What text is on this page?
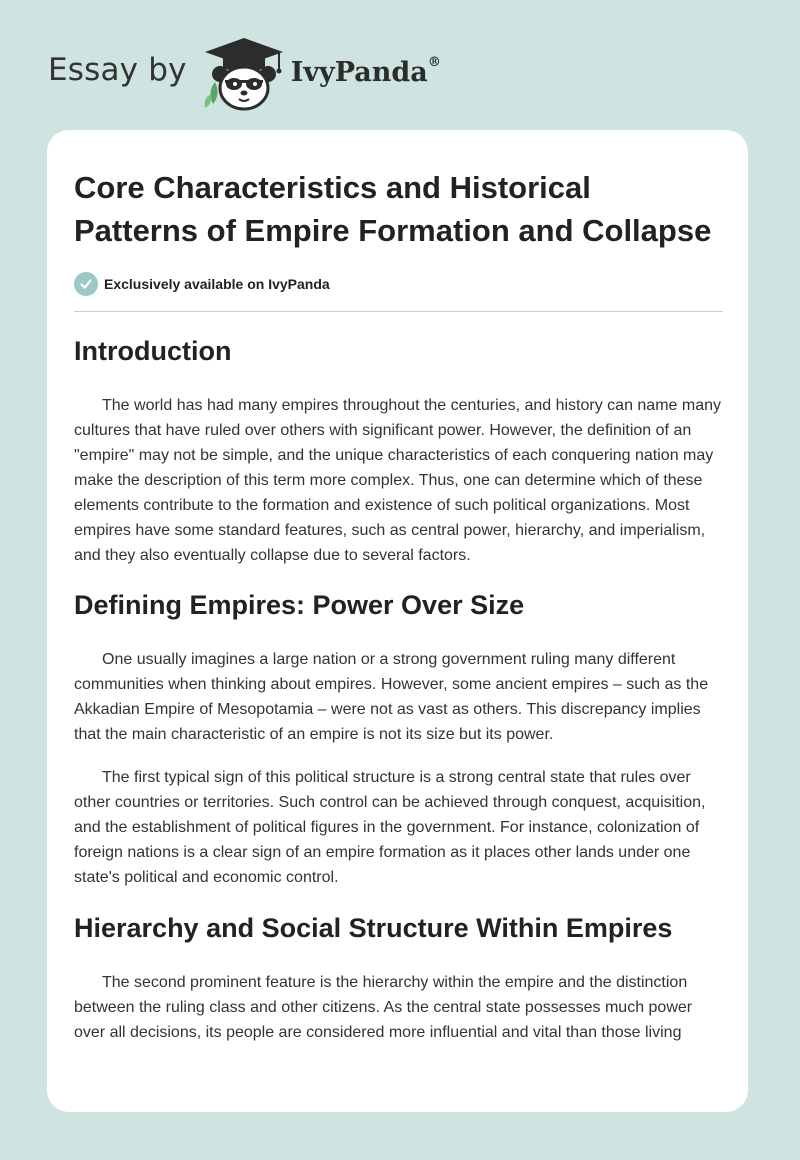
Essay by	IvyPanda®
Core Characteristics and Historical Patterns of Empire Formation and Collapse
Exclusively available on IvyPanda
Introduction

The world has had many empires throughout the centuries, and history can name many cultures that have ruled over others with significant power. However, the definition of an "empire" may not be simple, and the unique characteristics of each conquering nation may make the description of this term more complex. Thus, one can determine which of these elements contribute to the formation and existence of such political organizations. Most empires have some standard features, such as central power, hierarchy, and imperialism, and they also eventually collapse due to several factors.

Defining Empires: Power Over Size

One usually imagines a large nation or a strong government ruling many different communities when thinking about empires. However, some ancient empires – such as the Akkadian Empire of Mesopotamia – were not as vast as others. This discrepancy implies that the main characteristic of an empire is not its size but its power.

The first typical sign of this political structure is a strong central state that rules over other countries or territories. Such control can be achieved through conquest, acquisition, and the establishment of political figures in the government. For instance, colonization of foreign nations is a clear sign of an empire formation as it places other lands under one state's political and economic control.

Hierarchy and Social Structure Within Empires

The second prominent feature is the hierarchy within the empire and the distinction between the ruling class and other citizens. As the central state possesses much power over all decisions, its people are considered more influential and vital than those living
